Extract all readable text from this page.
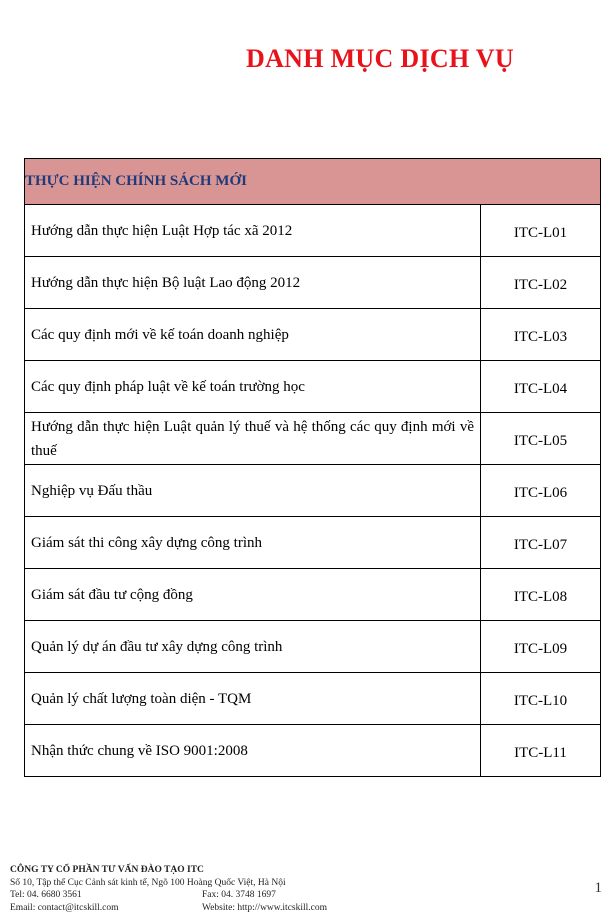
DANH MỤC DỊCH VỤ
THỰC HIỆN CHÍNH SÁCH MỚI	
Hướng dẫn thực hiện Luật Hợp tác xã 2012	ITC-L01
Hướng dẫn thực hiện Bộ luật Lao động 2012	ITC-L02
Các quy định mới về kế toán doanh nghiệp	ITC-L03
Các quy định pháp luật về kế toán trường học	ITC-L04
Hướng dẫn thực hiện Luật quản lý thuế và hệ thống các quy định mới về thuế	ITC-L05
Nghiệp vụ Đấu thầu	ITC-L06
Giám sát thi công xây dựng công trình	ITC-L07
Giám sát đầu tư cộng đồng	ITC-L08
Quản lý dự án đầu tư xây dựng công trình	ITC-L09
Quản lý chất lượng toàn diện - TQM	ITC-L10
Nhận thức chung về ISO 9001:2008	ITC-L11
CÔNG TY CỔ PHẦN TƯ VẤN ĐÀO TẠO ITC
Số 10, Tập thể Cục Cảnh sát kinh tế, Ngõ 100 Hoàng Quốc Việt, Hà Nội
Tel: 04. 6680 3561	Fax: 04. 3748 1697
Email: contact@itcskill.com	Website: http://www.itcskill.com
1
